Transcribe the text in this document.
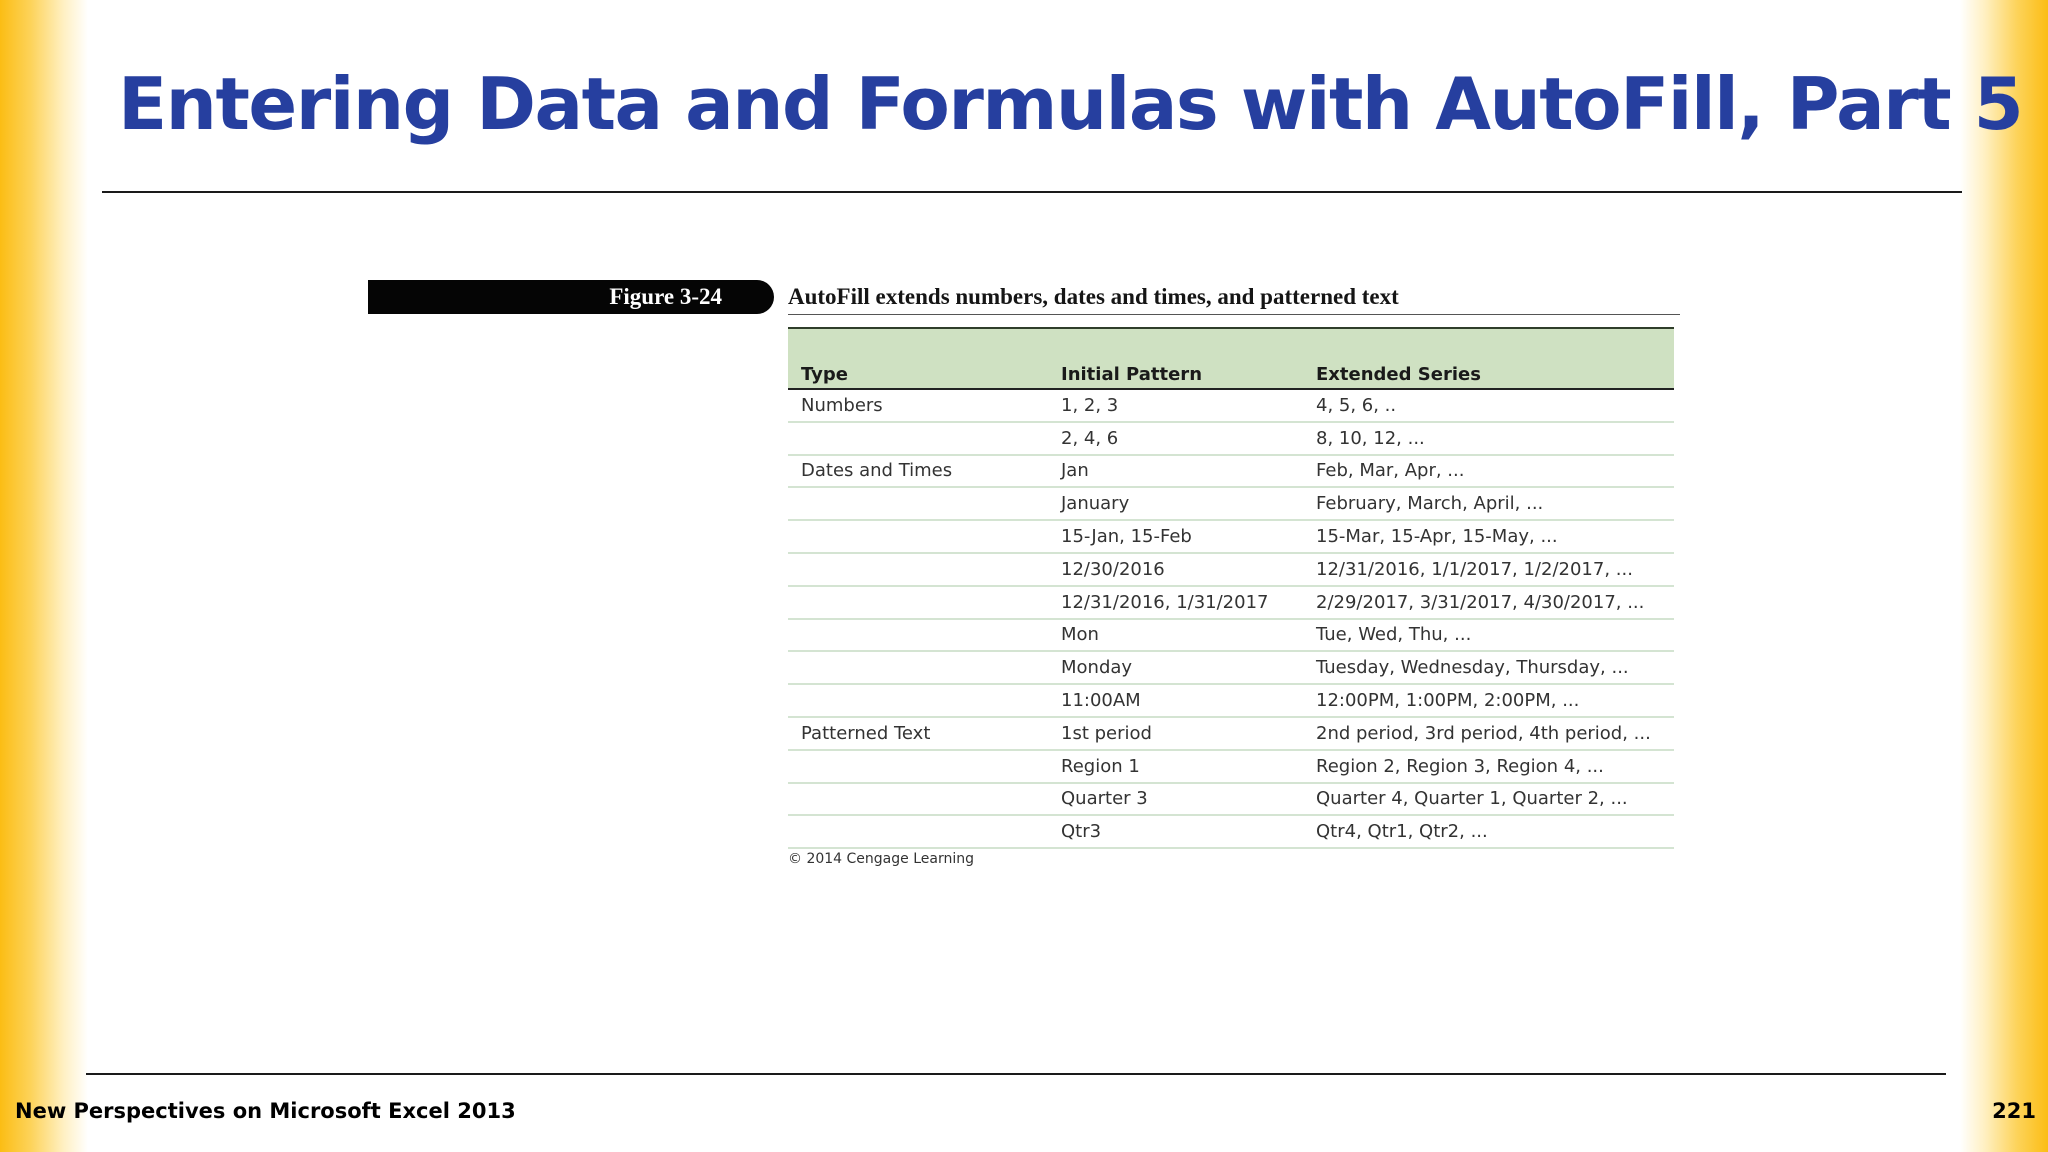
Entering Data and Formulas with AutoFill, Part 5
Figure 3-24	AutoFill extends numbers, dates and times, and patterned text
Type	Initial Pattern	Extended Series
Numbers	1, 2, 3	4, 5, 6, ..
	2, 4, 6	8, 10, 12, ...
Dates and Times	Jan	Feb, Mar, Apr, ...
	January	February, March, April, ...
	15-Jan, 15-Feb	15-Mar, 15-Apr, 15-May, ...
	12/30/2016	12/31/2016, 1/1/2017, 1/2/2017, ...
	12/31/2016, 1/31/2017	2/29/2017, 3/31/2017, 4/30/2017, ...
	Mon	Tue, Wed, Thu, ...
	Monday	Tuesday, Wednesday, Thursday, ...
	11:00AM	12:00PM, 1:00PM, 2:00PM, ...
Patterned Text	1st period	2nd period, 3rd period, 4th period, ...
	Region 1	Region 2, Region 3, Region 4, ...
	Quarter 3	Quarter 4, Quarter 1, Quarter 2, ...
	Qtr3	Qtr4, Qtr1, Qtr2, ...
© 2014 Cengage Learning
New Perspectives on Microsoft Excel 2013	221
